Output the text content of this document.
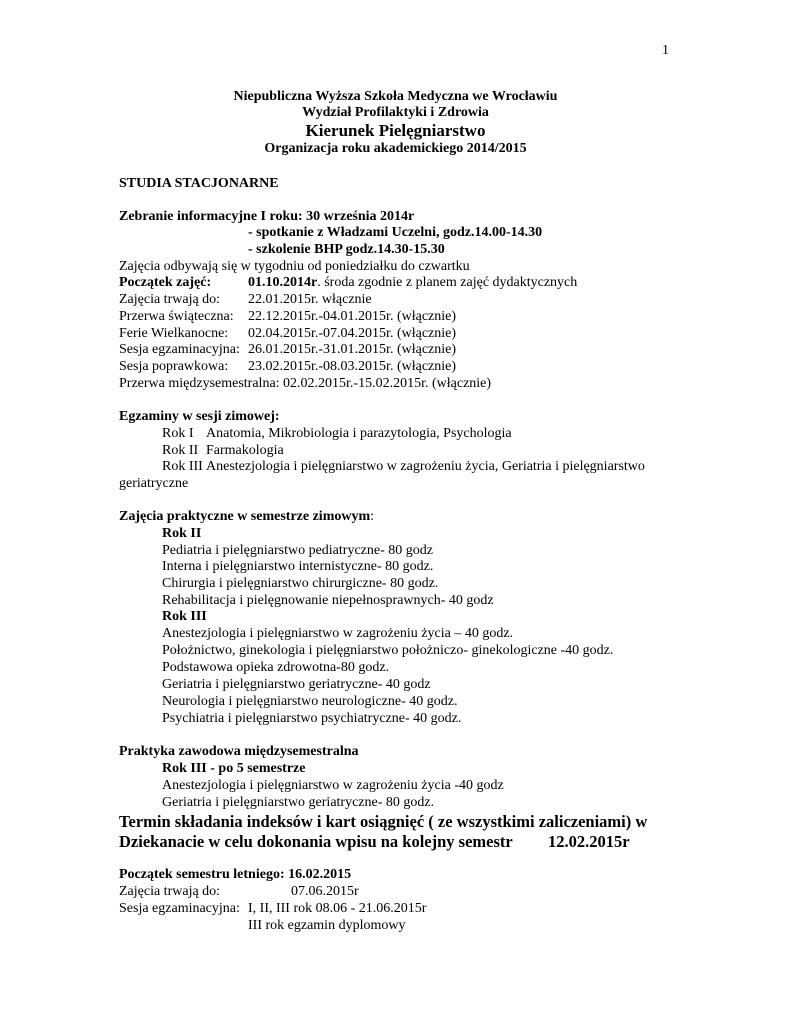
1
Niepubliczna Wyższa Szkoła Medyczna we Wrocławiu
Wydział Profilaktyki i Zdrowia
Kierunek Pielęgniarstwo
Organizacja roku akademickiego 2014/2015
STUDIA STACJONARNE
Zebranie informacyjne I roku: 30 września 2014r
- spotkanie z Władzami Uczelni, godz.14.00-14.30
- szkolenie BHP godz.14.30-15.30
Zajęcia odbywają się w tygodniu od poniedziałku do czwartku
Początek zajęć:	01.10.2014r. środa zgodnie z planem zajęć dydaktycznych
Zajęcia trwają do: 22.01.2015r. włącznie
Przerwa świąteczna: 22.12.2015r.-04.01.2015r. (włącznie)
Ferie Wielkanocne: 02.04.2015r.-07.04.2015r. (włącznie)
Sesja egzaminacyjna: 26.01.2015r.-31.01.2015r. (włącznie)
Sesja poprawkowa: 23.02.2015r.-08.03.2015r. (włącznie)
Przerwa międzysemestralna: 02.02.2015r.-15.02.2015r. (włącznie)
Egzaminy w sesji zimowej:
Rok I Anatomia, Mikrobiologia i parazytologia, Psychologia
Rok II Farmakologia
Rok III Anestezjologia i pielęgniarstwo w zagrożeniu życia, Geriatria i pielęgniarstwo
geriatryczne
Zajęcia praktyczne w semestrze zimowym:
Rok II
Pediatria i pielęgniarstwo pediatryczne- 80 godz
Interna i pielęgniarstwo internistyczne- 80 godz.
Chirurgia i pielęgniarstwo chirurgiczne- 80 godz.
Rehabilitacja i pielęgnowanie niepełnosprawnych- 40 godz
Rok III
Anestezjologia i pielęgniarstwo w zagrożeniu życia – 40 godz.
Położnictwo, ginekologia i pielęgniarstwo położniczo- ginekologiczne -40 godz.
Podstawowa opieka zdrowotna-80 godz.
Geriatria i pielęgniarstwo geriatryczne- 40 godz
Neurologia i pielęgniarstwo neurologiczne- 40 godz.
Psychiatria i pielęgniarstwo psychiatryczne- 40 godz.
Praktyka zawodowa międzysemestralna
Rok III - po 5 semestrze
Anestezjologia i pielęgniarstwo w zagrożeniu życia -40 godz
Geriatria i pielęgniarstwo geriatryczne- 80 godz.
Termin składania indeksów i kart osiągnięć ( ze wszystkimi zaliczeniami) w
Dziekanacie w celu dokonania wpisu na kolejny semestr 12.02.2015r
Początek semestru letniego: 16.02.2015
Zajęcia trwają do:	07.06.2015r
Sesja egzaminacyjna: I, II, III rok 08.06 - 21.06.2015r
III rok egzamin dyplomowy
